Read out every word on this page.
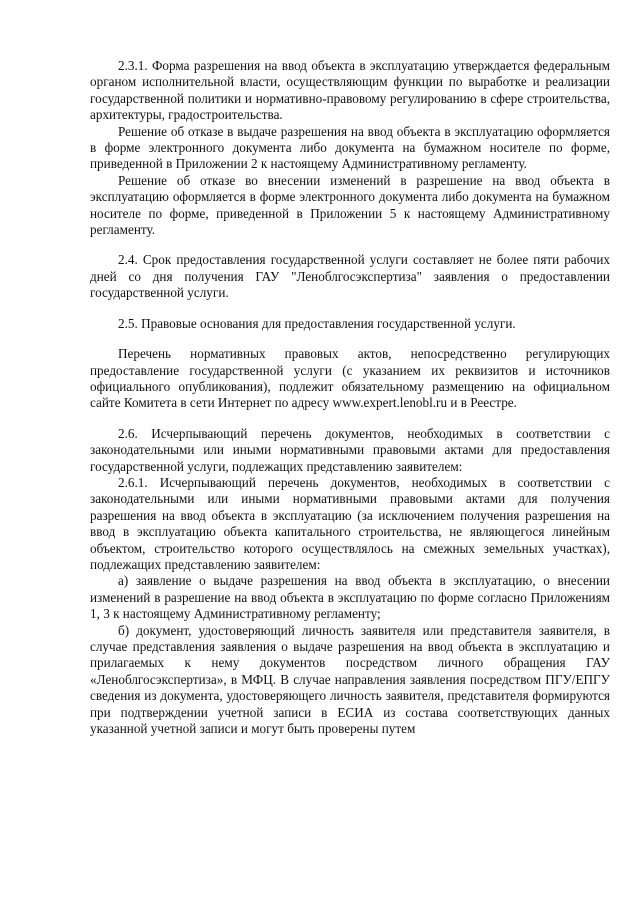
2.3.1. Форма разрешения на ввод объекта в эксплуатацию утверждается федеральным органом исполнительной власти, осуществляющим функции по выработке и реализации государственной политики и нормативно-правовому регулированию в сфере строительства, архитектуры, градостроительства.

Решение об отказе в выдаче разрешения на ввод объекта в эксплуатацию оформляется в форме электронного документа либо документа на бумажном носителе по форме, приведенной в Приложении 2 к настоящему Административному регламенту.

Решение об отказе во внесении изменений в разрешение на ввод объекта в эксплуатацию оформляется в форме электронного документа либо документа на бумажном носителе по форме, приведенной в Приложении 5 к настоящему Административному регламенту.

2.4. Срок предоставления государственной услуги составляет не более пяти рабочих дней со дня получения ГАУ "Леноблгосэкспертиза" заявления о предоставлении государственной услуги.

2.5. Правовые основания для предоставления государственной услуги.

Перечень нормативных правовых актов, непосредственно регулирующих предоставление государственной услуги (с указанием их реквизитов и источников официального опубликования), подлежит обязательному размещению на официальном сайте Комитета в сети Интернет по адресу www.expert.lenobl.ru и в Реестре.

2.6. Исчерпывающий перечень документов, необходимых в соответствии с законодательными или иными нормативными правовыми актами для предоставления государственной услуги, подлежащих представлению заявителем:

2.6.1. Исчерпывающий перечень документов, необходимых в соответствии с законодательными или иными нормативными правовыми актами для получения разрешения на ввод объекта в эксплуатацию (за исключением получения разрешения на ввод в эксплуатацию объекта капитального строительства, не являющегося линейным объектом, строительство которого осуществлялось на смежных земельных участках), подлежащих представлению заявителем:

а) заявление о выдаче разрешения на ввод объекта в эксплуатацию, о внесении изменений в разрешение на ввод объекта в эксплуатацию по форме согласно Приложениям 1, 3 к настоящему Административному регламенту;

б) документ, удостоверяющий личность заявителя или представителя заявителя, в случае представления заявления о выдаче разрешения на ввод объекта в эксплуатацию и прилагаемых к нему документов посредством личного обращения ГАУ «Леноблгосэкспертиза», в МФЦ. В случае направления заявления посредством ПГУ/ЕПГУ сведения из документа, удостоверяющего личность заявителя, представителя формируются при подтверждении учетной записи в ЕСИА из состава соответствующих данных указанной учетной записи и могут быть проверены путем
